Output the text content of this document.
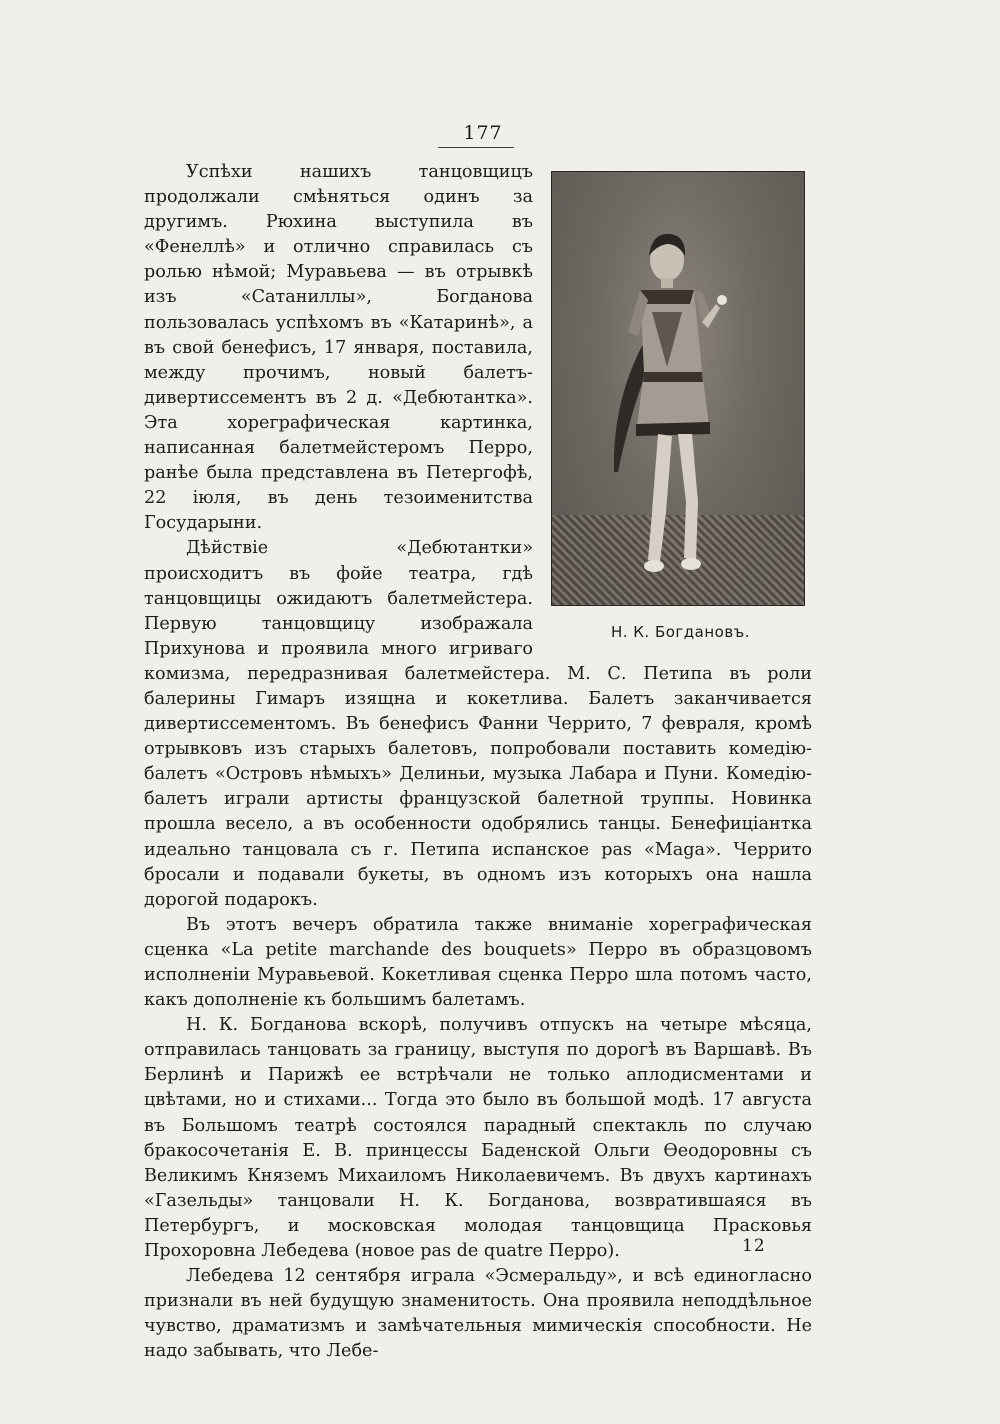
177
Н. К. Богдановъ.

Успѣхи нашихъ танцовщицъ продолжали смѣняться одинъ за другимъ. Рюхина выступила въ «Фенеллѣ» и отлично справилась съ ролью нѣмой; Муравьева — въ отрывкѣ изъ «Сатаниллы», Богданова пользовалась успѣхомъ въ «Катаринѣ», а въ свой бенефисъ, 17 января, поставила, между прочимъ, новый балетъ-дивертиссементъ въ 2 д. «Дебютантка». Эта хореграфическая картинка, написанная балетмейстеромъ Перро, ранѣе была представлена въ Петергофѣ, 22 іюля, въ день тезоименитства Государыни.

Дѣйствіе «Дебютантки» происходитъ въ фойе театра, гдѣ танцовщицы ожидаютъ балетмейстера. Первую танцовщицу изображала Прихунова и проявила много игриваго комизма, передразнивая балетмейстера. М. С. Петипа въ роли балерины Гимаръ изящна и кокетлива. Балетъ заканчивается дивертиссементомъ. Въ бенефисъ Фанни Черрито, 7 февраля, кромѣ отрывковъ изъ старыхъ балетовъ, попробовали поставить комедію-балетъ «Островъ нѣмыхъ» Делиньи, музыка Лабара и Пуни. Комедію-балетъ играли артисты французской балетной труппы. Новинка прошла весело, а въ особенности одобрялись танцы. Бенефиціантка идеально танцовала съ г. Петипа испанское pas «Maga». Черрито бросали и подавали букеты, въ одномъ изъ которыхъ она нашла дорогой подарокъ.

Въ этотъ вечеръ обратила также вниманіе хореграфическая сценка «La petite marchande des bouquets» Перро въ образцовомъ исполненіи Муравьевой. Кокетливая сценка Перро шла потомъ часто, какъ дополненіе къ большимъ балетамъ.

Н. К. Богданова вскорѣ, получивъ отпускъ на четыре мѣсяца, отправилась танцовать за границу, выступя по дорогѣ въ Варшавѣ. Въ Берлинѣ и Парижѣ ее встрѣчали не только аплодисментами и цвѣтами, но и стихами... Тогда это было въ большой модѣ. 17 августа въ Большомъ театрѣ состоялся парадный спектакль по случаю бракосочетанія Е. В. принцессы Баденской Ольги Ѳеодоровны съ Великимъ Княземъ Михаиломъ Николаевичемъ. Въ двухъ картинахъ «Газельды» танцовали Н. К. Богданова, возвратившаяся въ Петербургъ, и московская молодая танцовщица Прасковья Прохоровна Лебедева (новое pas de quatre Перро).

Лебедева 12 сентября играла «Эсмеральду», и всѣ единогласно признали въ ней будущую знаменитость. Она проявила неподдѣльное чувство, драматизмъ и замѣчательныя мимическія способности. Не надо забывать, что Лебе-

12
